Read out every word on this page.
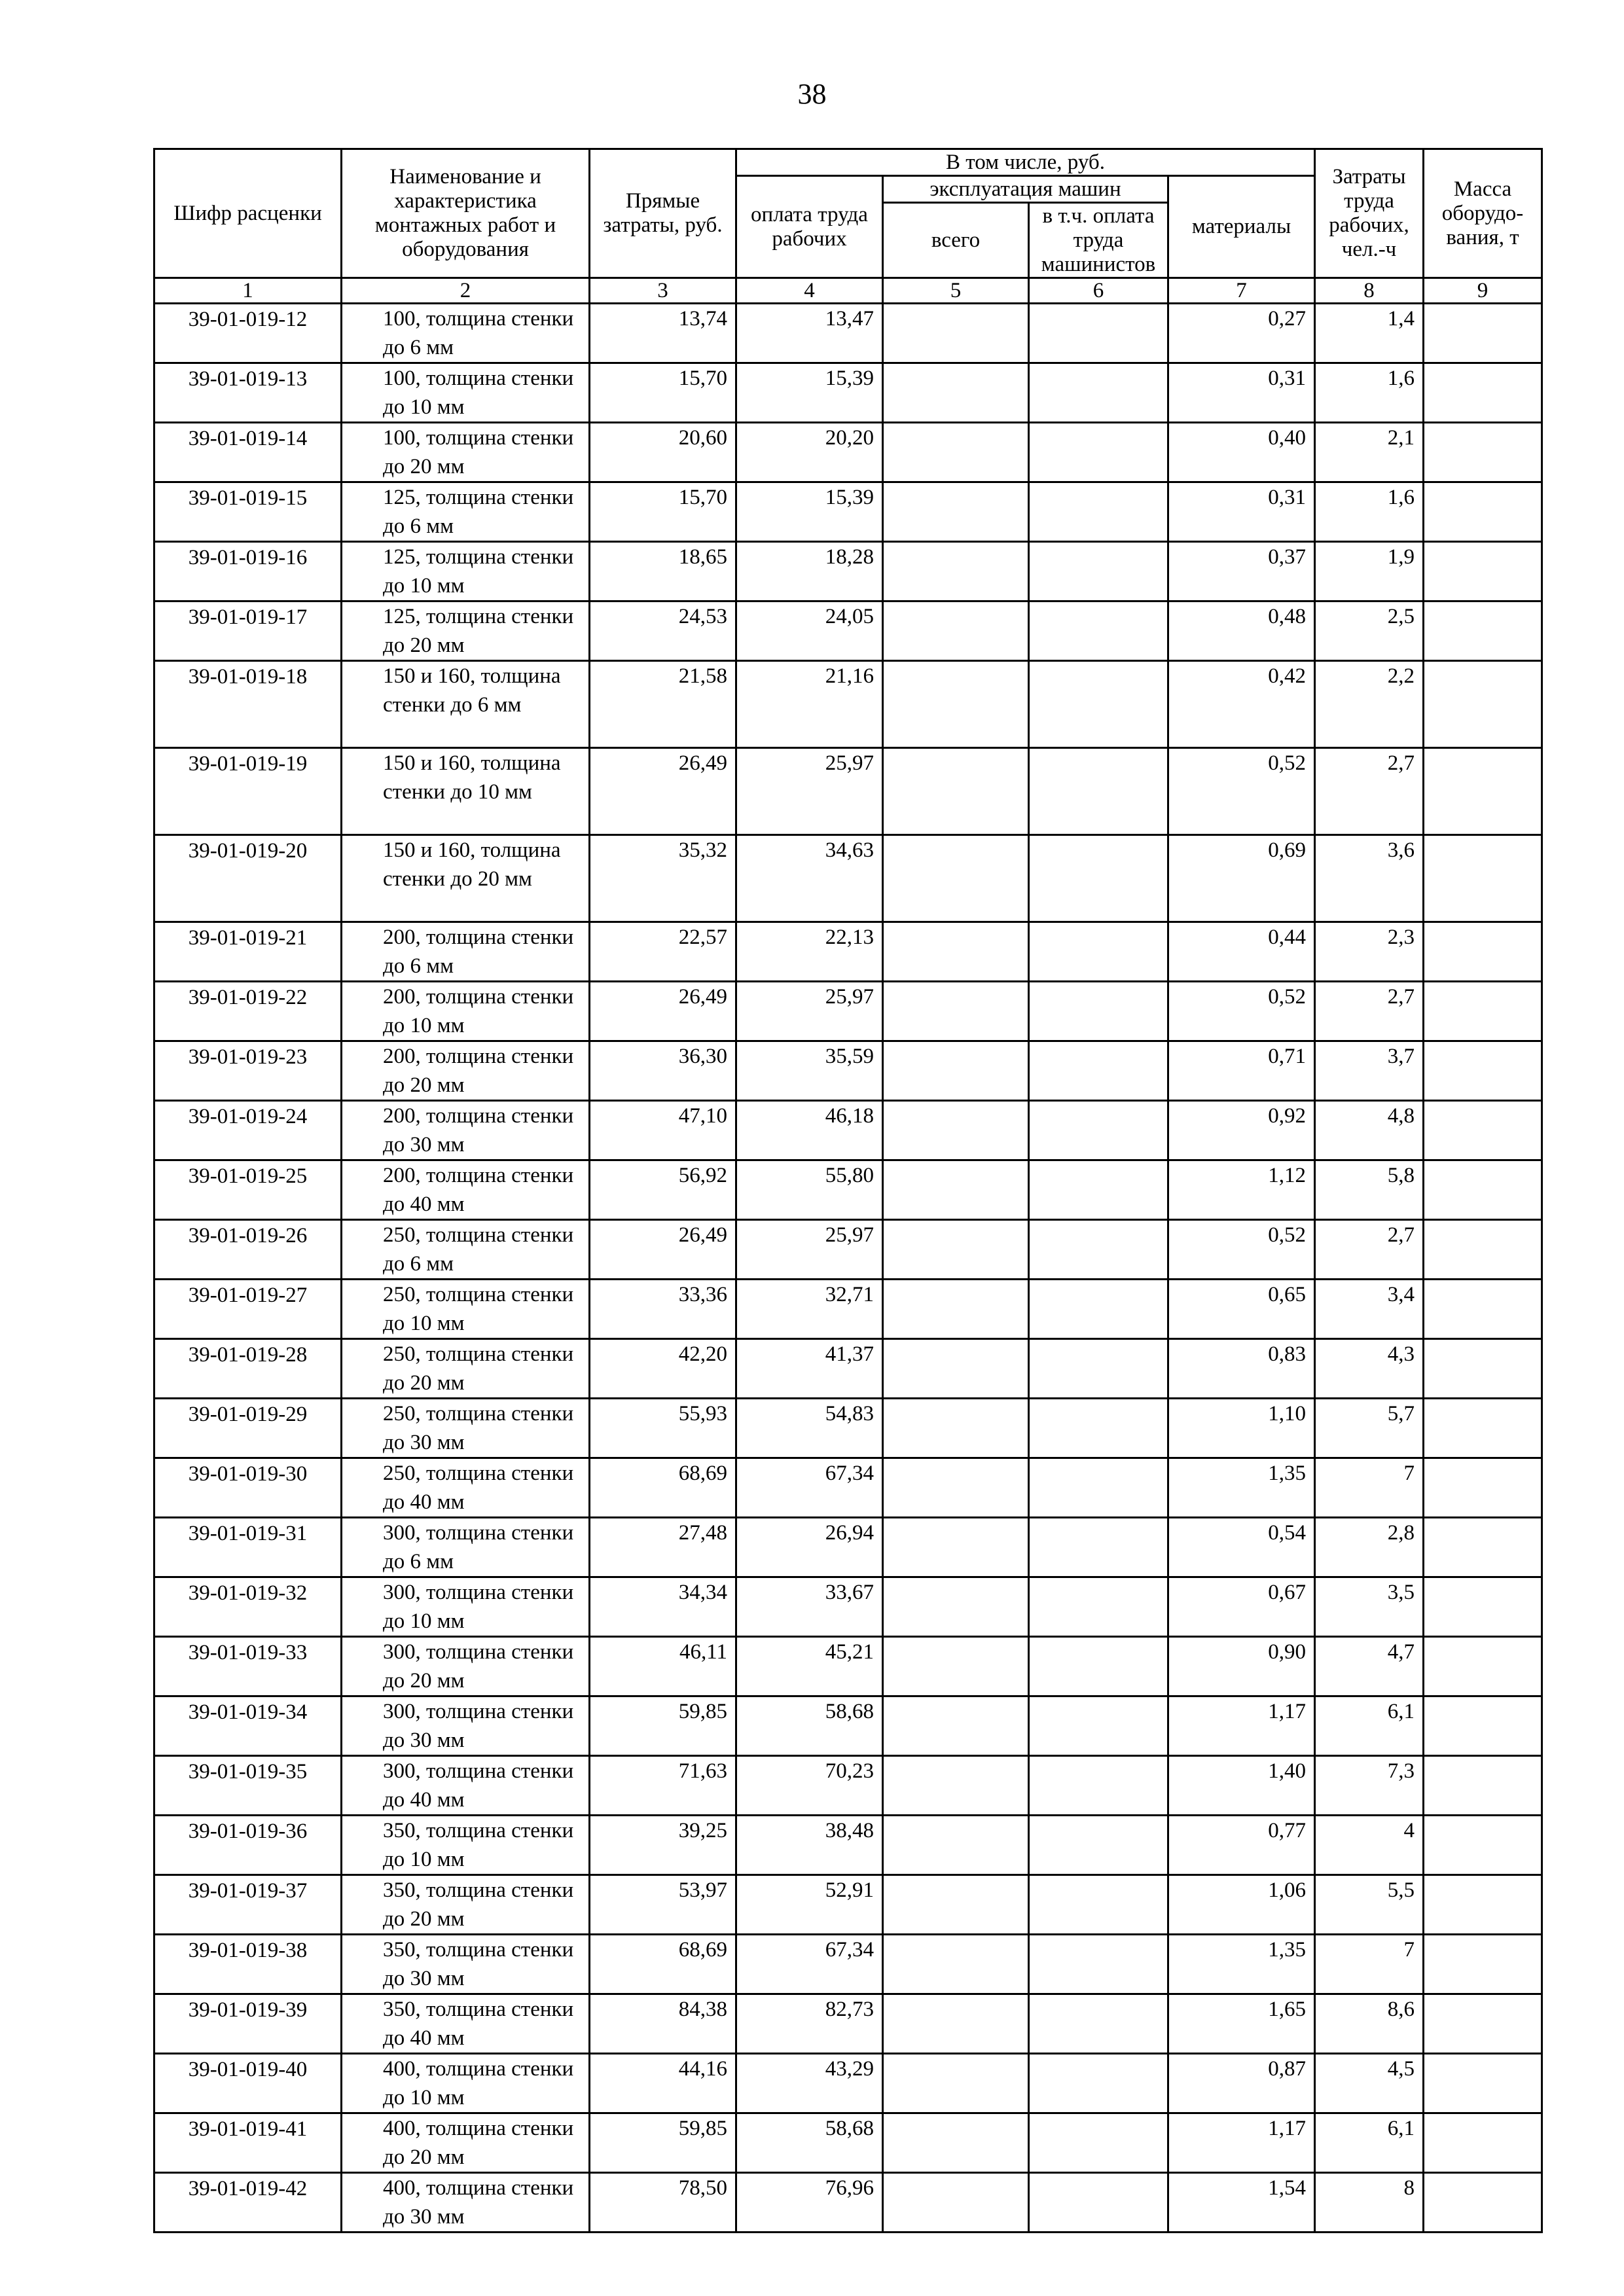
38
Шифр расценки	Наименование и характеристика монтажных работ и оборудования	Прямые затраты, руб.	В том числе, руб.				Затраты труда рабочих, чел.-ч	Масса оборудо-вания, т
			оплата труда рабочих	эксплуатация машин		материалы		
				всего	в т.ч. оплата труда машинистов			
1	2	3	4	5	6	7	8	9
39-01-019-12	100, толщина стенки до 6 мм	13,74	13,47			0,27	1,4	
39-01-019-13	100, толщина стенки до 10 мм	15,70	15,39			0,31	1,6	
39-01-019-14	100, толщина стенки до 20 мм	20,60	20,20			0,40	2,1	
39-01-019-15	125, толщина стенки до 6 мм	15,70	15,39			0,31	1,6	
39-01-019-16	125, толщина стенки до 10 мм	18,65	18,28			0,37	1,9	
39-01-019-17	125, толщина стенки до 20 мм	24,53	24,05			0,48	2,5	
39-01-019-18	150 и 160, толщина стенки до 6 мм	21,58	21,16			0,42	2,2	
39-01-019-19	150 и 160, толщина стенки до 10 мм	26,49	25,97			0,52	2,7	
39-01-019-20	150 и 160, толщина стенки до 20 мм	35,32	34,63			0,69	3,6	
39-01-019-21	200, толщина стенки до 6 мм	22,57	22,13			0,44	2,3	
39-01-019-22	200, толщина стенки до 10 мм	26,49	25,97			0,52	2,7	
39-01-019-23	200, толщина стенки до 20 мм	36,30	35,59			0,71	3,7	
39-01-019-24	200, толщина стенки до 30 мм	47,10	46,18			0,92	4,8	
39-01-019-25	200, толщина стенки до 40 мм	56,92	55,80			1,12	5,8	
39-01-019-26	250, толщина стенки до 6 мм	26,49	25,97			0,52	2,7	
39-01-019-27	250, толщина стенки до 10 мм	33,36	32,71			0,65	3,4	
39-01-019-28	250, толщина стенки до 20 мм	42,20	41,37			0,83	4,3	
39-01-019-29	250, толщина стенки до 30 мм	55,93	54,83			1,10	5,7	
39-01-019-30	250, толщина стенки до 40 мм	68,69	67,34			1,35	7	
39-01-019-31	300, толщина стенки до 6 мм	27,48	26,94			0,54	2,8	
39-01-019-32	300, толщина стенки до 10 мм	34,34	33,67			0,67	3,5	
39-01-019-33	300, толщина стенки до 20 мм	46,11	45,21			0,90	4,7	
39-01-019-34	300, толщина стенки до 30 мм	59,85	58,68			1,17	6,1	
39-01-019-35	300, толщина стенки до 40 мм	71,63	70,23			1,40	7,3	
39-01-019-36	350, толщина стенки до 10 мм	39,25	38,48			0,77	4	
39-01-019-37	350, толщина стенки до 20 мм	53,97	52,91			1,06	5,5	
39-01-019-38	350, толщина стенки до 30 мм	68,69	67,34			1,35	7	
39-01-019-39	350, толщина стенки до 40 мм	84,38	82,73			1,65	8,6	
39-01-019-40	400, толщина стенки до 10 мм	44,16	43,29			0,87	4,5	
39-01-019-41	400, толщина стенки до 20 мм	59,85	58,68			1,17	6,1	
39-01-019-42	400, толщина стенки до 30 мм	78,50	76,96			1,54	8	
